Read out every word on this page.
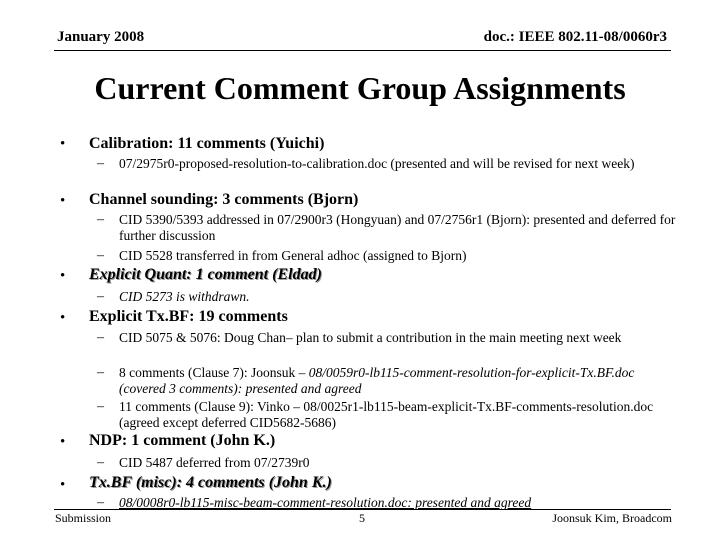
January 2008	doc.: IEEE 802.11-08/0060r3
Current Comment Group Assignments
• Calibration: 11 comments (Yuichi)
– 07/2975r0-proposed-resolution-to-calibration.doc (presented and will be revised for next week)
• Channel sounding: 3 comments (Bjorn)
– CID 5390/5393 addressed in 07/2900r3 (Hongyuan) and 07/2756r1 (Bjorn): presented and deferred for further discussion
– CID 5528 transferred in from General adhoc (assigned to Bjorn)
• Explicit Quant: 1 comment (Eldad)
– CID 5273 is withdrawn.
• Explicit Tx.BF: 19 comments
– CID 5075 & 5076: Doug Chan– plan to submit a contribution in the main meeting next week
– 8 comments (Clause 7): Joonsuk – 08/0059r0-lb115-comment-resolution-for-explicit-Tx.BF.doc (covered 3 comments): presented and agreed
– 11 comments (Clause 9): Vinko – 08/0025r1-lb115-beam-explicit-Tx.BF-comments-resolution.doc (agreed except deferred CID5682-5686)
• NDP: 1 comment (John K.)
– CID 5487 deferred from 07/2739r0
• Tx.BF (misc): 4 comments (John K.)
– 08/0008r0-lb115-misc-beam-comment-resolution.doc: presented and agreed
Submission	5	Joonsuk Kim, Broadcom
